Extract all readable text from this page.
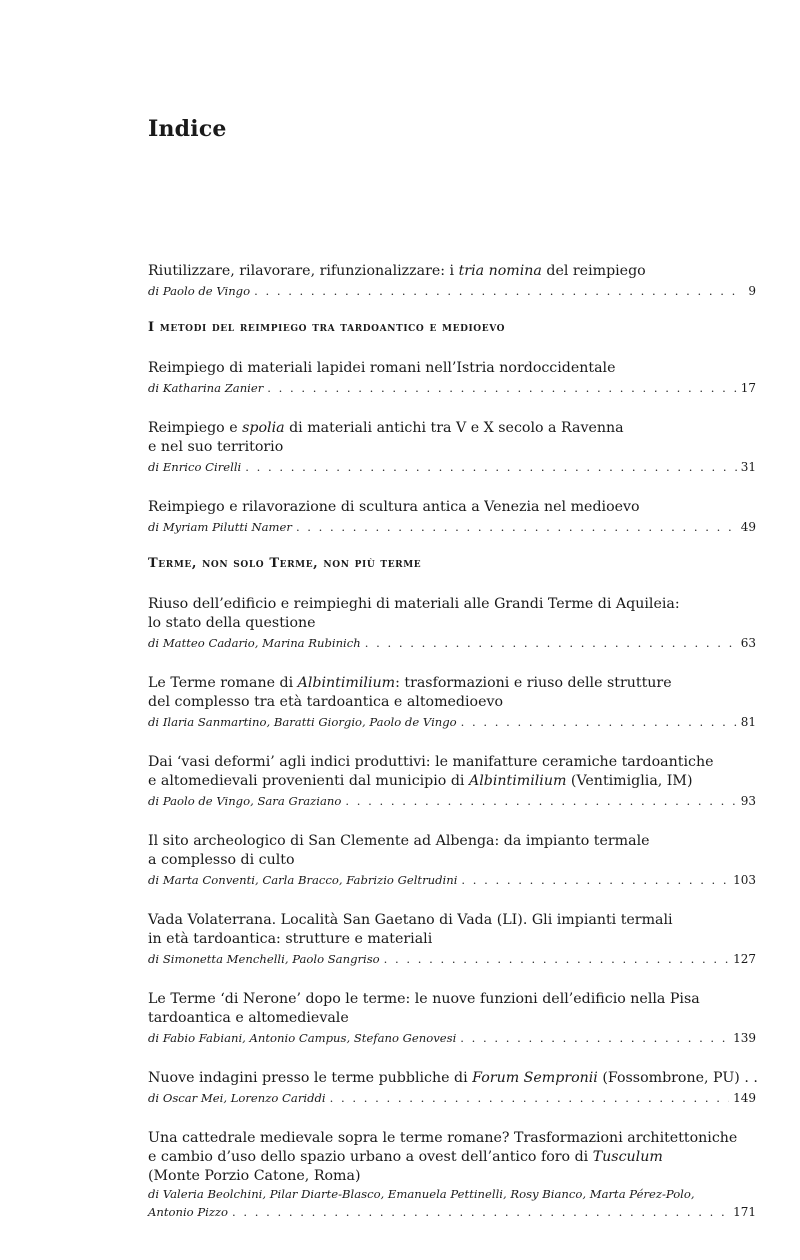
Indice
Riutilizzare, rilavorare, rifunzionalizzare: i tria nomina del reimpiego
di Paolo de Vingo . . .	9
I metodi del reimpiego tra tardoantico e medioevo
Reimpiego di materiali lapidei romani nell’Istria nordoccidentale
di Katharina Zanier . . .	17
Reimpiego e spolia di materiali antichi tra V e X secolo a Ravenna
e nel suo territorio
di Enrico Cirelli . . .	31
Reimpiego e rilavorazione di scultura antica a Venezia nel medioevo
di Myriam Pilutti Namer . . .	49
Terme, non solo Terme, non più terme
Riuso dell’edificio e reimpieghi di materiali alle Grandi Terme di Aquileia:
lo stato della questione
di Matteo Cadario, Marina Rubinich . . .	63
Le Terme romane di Albintimilium: trasformazioni e riuso delle strutture
del complesso tra età tardoantica e altomedioevo
di Ilaria Sanmartino, Baratti Giorgio, Paolo de Vingo . . .	81
Dai ‘vasi deformi’ agli indici produttivi: le manifatture ceramiche tardoantiche
e altomedievali provenienti dal municipio di Albintimilium (Ventimiglia, IM)
di Paolo de Vingo, Sara Graziano . . .	93
Il sito archeologico di San Clemente ad Albenga: da impianto termale
a complesso di culto
di Marta Conventi, Carla Bracco, Fabrizio Geltrudini . . .	103
Vada Volaterrana. Località San Gaetano di Vada (LI). Gli impianti termali
in età tardoantica: strutture e materiali
di Simonetta Menchelli, Paolo Sangriso . . .	127
Le Terme ‘di Nerone’ dopo le terme: le nuove funzioni dell’edificio nella Pisa
tardoantica e altomedievale
di Fabio Fabiani, Antonio Campus, Stefano Genovesi . . .	139
Nuove indagini presso le terme pubbliche di Forum Sempronii (Fossombrone, PU) . .
di Oscar Mei, Lorenzo Cariddi . . .	149
Una cattedrale medievale sopra le terme romane? Trasformazioni architettoniche
e cambio d’uso dello spazio urbano a ovest dell’antico foro di Tusculum
(Monte Porzio Catone, Roma)
di Valeria Beolchini, Pilar Diarte-Blasco, Emanuela Pettinelli, Rosy Bianco, Marta Pérez-Polo,
Antonio Pizzo . . .	171
